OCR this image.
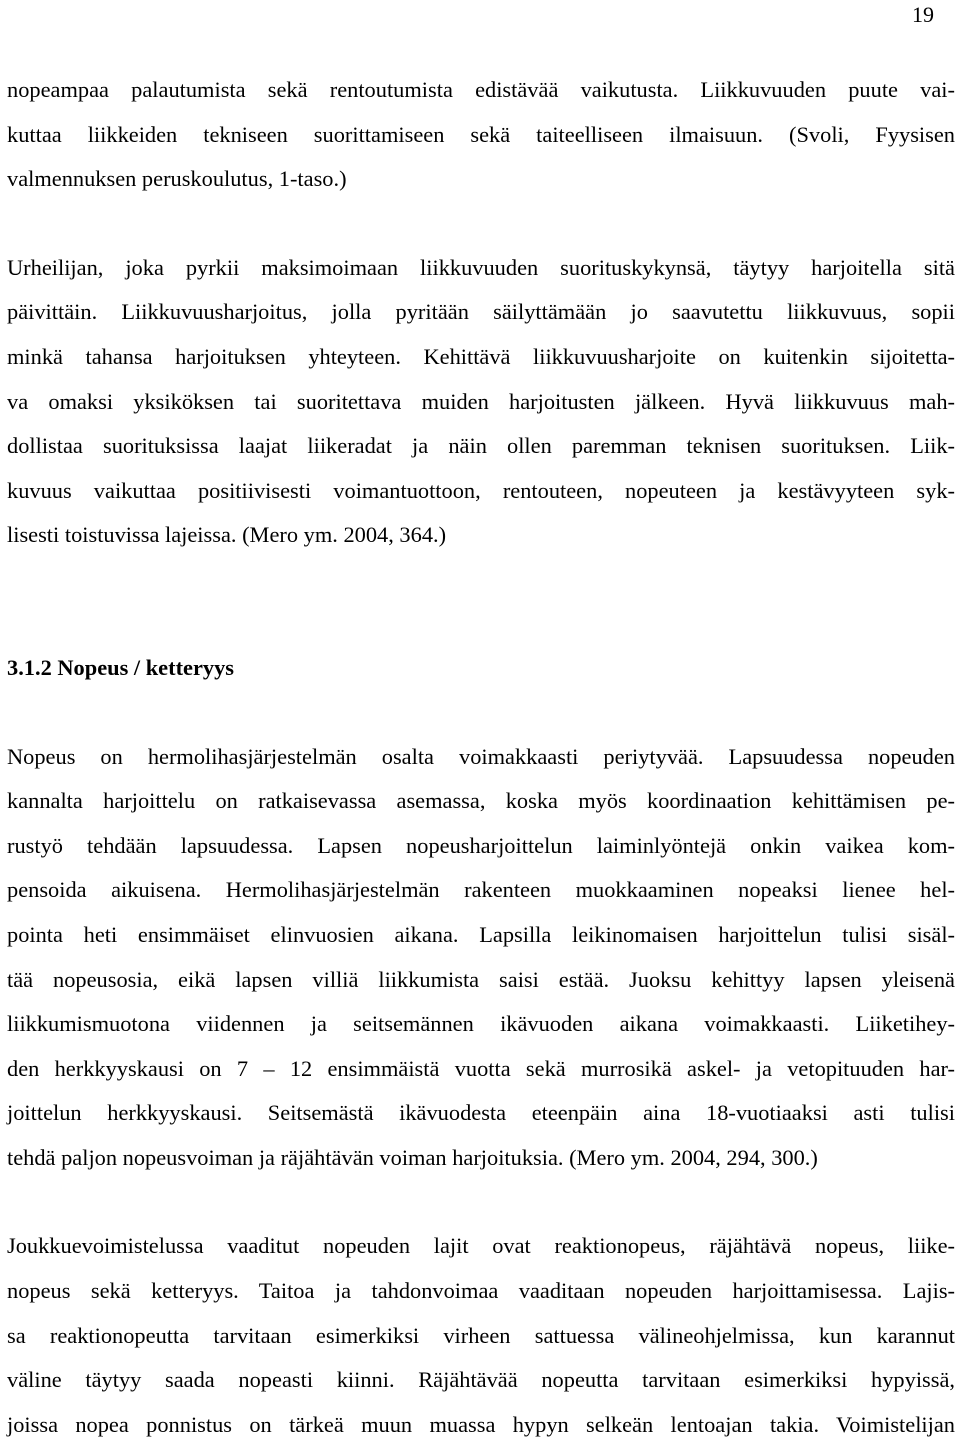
19
nopeampaa palautumista sekä rentoutumista edistävää vaikutusta. Liikkuvuuden puute vai-
kuttaa liikkeiden tekniseen suorittamiseen sekä taiteelliseen ilmaisuun. (Svoli, Fyysisen
valmennuksen peruskoulutus, 1-taso.)
Urheilijan, joka pyrkii maksimoimaan liikkuvuuden suorituskykynsä, täytyy harjoitella sitä
päivittäin. Liikkuvuusharjoitus, jolla pyritään säilyttämään jo saavutettu liikkuvuus, sopii
minkä tahansa harjoituksen yhteyteen. Kehittävä liikkuvuusharjoite on kuitenkin sijoitetta-
va omaksi yksiköksen tai suoritettava muiden harjoitusten jälkeen. Hyvä liikkuvuus mah-
dollistaa suorituksissa laajat liikeradat ja näin ollen paremman teknisen suorituksen. Liik-
kuvuus vaikuttaa positiivisesti voimantuottoon, rentouteen, nopeuteen ja kestävyyteen syk-
lisesti toistuvissa lajeissa. (Mero ym. 2004, 364.)
3.1.2 Nopeus / ketteryys
Nopeus on hermolihasjärjestelmän osalta voimakkaasti periytyvää. Lapsuudessa nopeuden
kannalta harjoittelu on ratkaisevassa asemassa, koska myös koordinaation kehittämisen pe-
rustyö tehdään lapsuudessa. Lapsen nopeusharjoittelun laiminlyöntejä onkin vaikea kom-
pensoida aikuisena. Hermolihasjärjestelmän rakenteen muokkaaminen nopeaksi lienee hel-
pointa heti ensimmäiset elinvuosien aikana. Lapsilla leikinomaisen harjoittelun tulisi sisäl-
tää nopeusosia, eikä lapsen villiä liikkumista saisi estää. Juoksu kehittyy lapsen yleisenä
liikkumismuotona viidennen ja seitsemännen ikävuoden aikana voimakkaasti. Liiketihey-
den herkkyyskausi on 7 – 12 ensimmäistä vuotta sekä murrosikä askel- ja vetopituuden har-
joittelun herkkyyskausi. Seitsemästä ikävuodesta eteenpäin aina 18-vuotiaaksi asti tulisi
tehdä paljon nopeusvoiman ja räjähtävän voiman harjoituksia. (Mero ym. 2004, 294, 300.)
Joukkuevoimistelussa vaaditut nopeuden lajit ovat reaktionopeus, räjähtävä nopeus, liike-
nopeus sekä ketteryys. Taitoa ja tahdonvoimaa vaaditaan nopeuden harjoittamisessa. Lajis-
sa reaktionopeutta tarvitaan esimerkiksi virheen sattuessa välineohjelmissa, kun karannut
väline täytyy saada nopeasti kiinni. Räjähtävää nopeutta tarvitaan esimerkiksi hypyissä,
joissa nopea ponnistus on tärkeä muun muassa hypyn selkeän lentoajan takia. Voimistelijan
